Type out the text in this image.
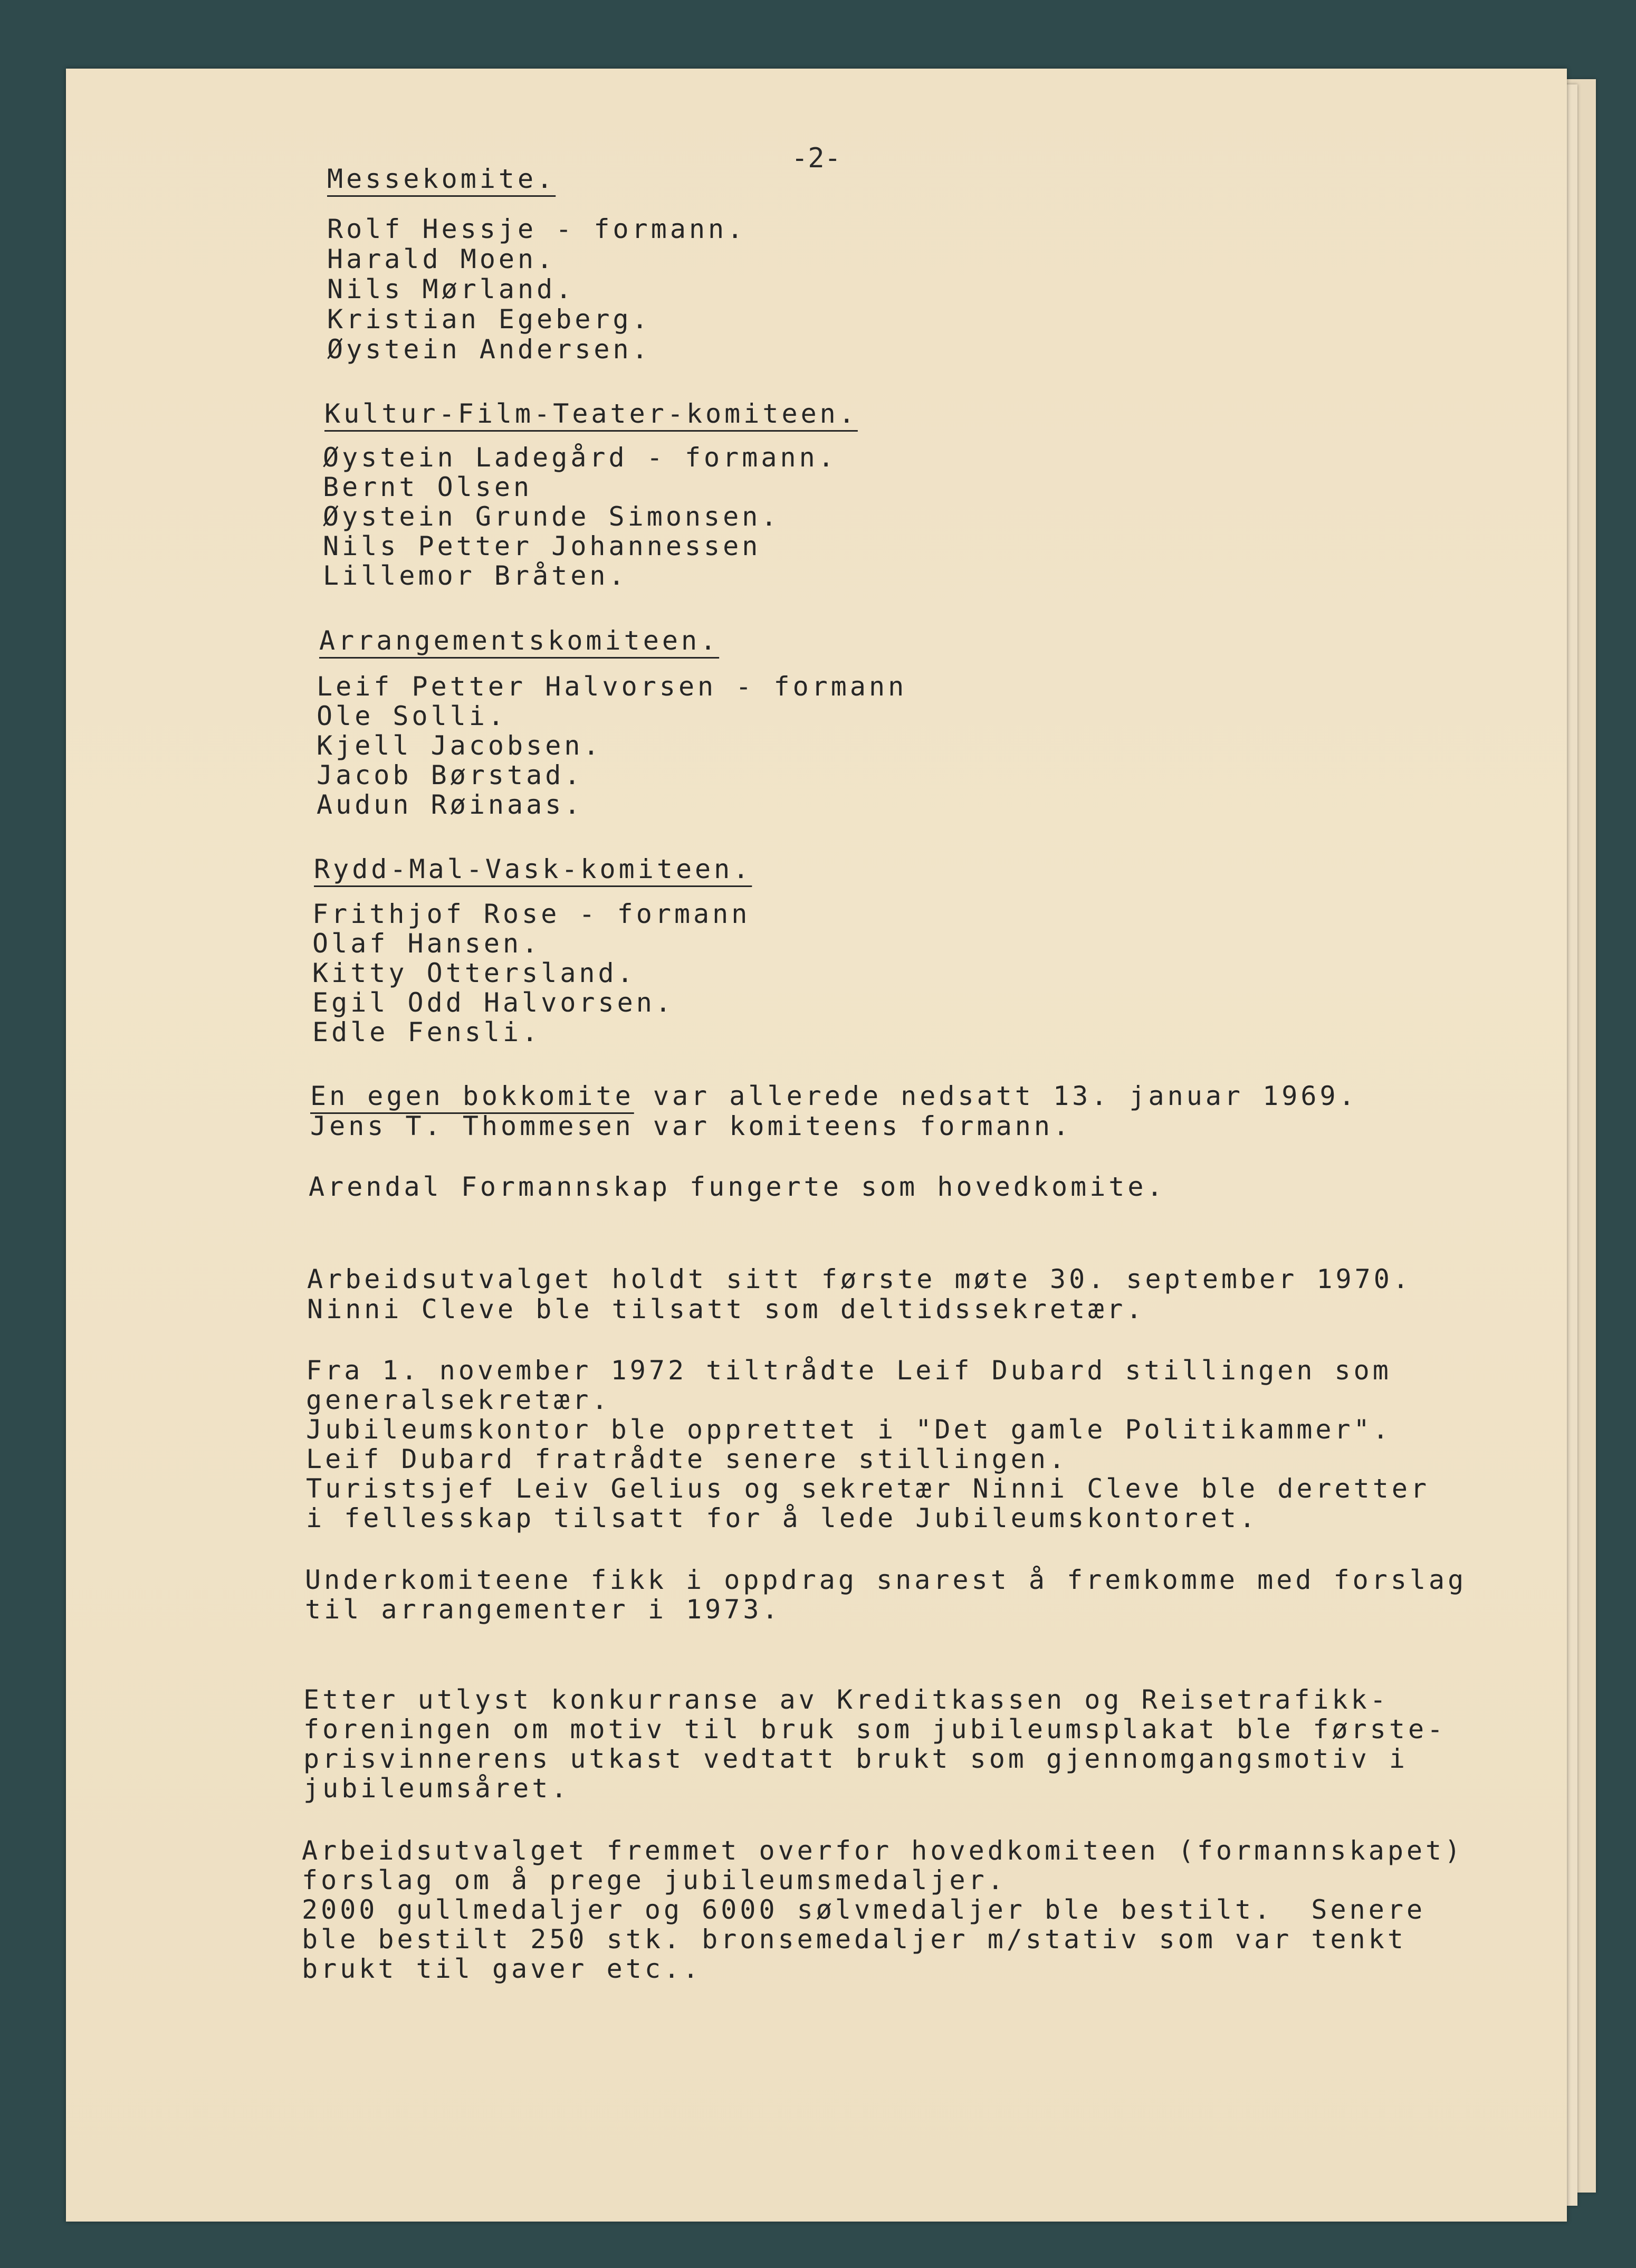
-2-
Messekomite.
Rolf Hessje - formann.
Harald Moen.
Nils Mørland.
Kristian Egeberg.
Øystein Andersen.
Kultur-Film-Teater-komiteen.
Øystein Ladegård - formann.
Bernt Olsen
Øystein Grunde Simonsen.
Nils Petter Johannessen
Lillemor Bråten.
Arrangementskomiteen.
Leif Petter Halvorsen - formann
Ole Solli.
Kjell Jacobsen.
Jacob Børstad.
Audun Røinaas.
Rydd-Mal-Vask-komiteen.
Frithjof Rose - formann
Olaf Hansen.
Kitty Ottersland.
Egil Odd Halvorsen.
Edle Fensli.
En egen bokkomite var allerede nedsatt 13. januar 1969.
Jens T. Thommesen var komiteens formann.
Arendal Formannskap fungerte som hovedkomite.
Arbeidsutvalget holdt sitt første møte 30. september 1970.
Ninni Cleve ble tilsatt som deltidssekretær.
Fra 1. november 1972 tiltrådte Leif Dubard stillingen som
generalsekretær.
Jubileumskontor ble opprettet i "Det gamle Politikammer".
Leif Dubard fratrådte senere stillingen.
Turistsjef Leiv Gelius og sekretær Ninni Cleve ble deretter
i fellesskap tilsatt for å lede Jubileumskontoret.
Underkomiteene fikk i oppdrag snarest å fremkomme med forslag
til arrangementer i 1973.
Etter utlyst konkurranse av Kreditkassen og Reisetrafikk-
foreningen om motiv til bruk som jubileumsplakat ble første-
prisvinnerens utkast vedtatt brukt som gjennomgangsmotiv i
jubileumsåret.
Arbeidsutvalget fremmet overfor hovedkomiteen (formannskapet)
forslag om å prege jubileumsmedaljer.
2000 gullmedaljer og 6000 sølvmedaljer ble bestilt.  Senere
ble bestilt 250 stk. bronsemedaljer m/stativ som var tenkt
brukt til gaver etc..
